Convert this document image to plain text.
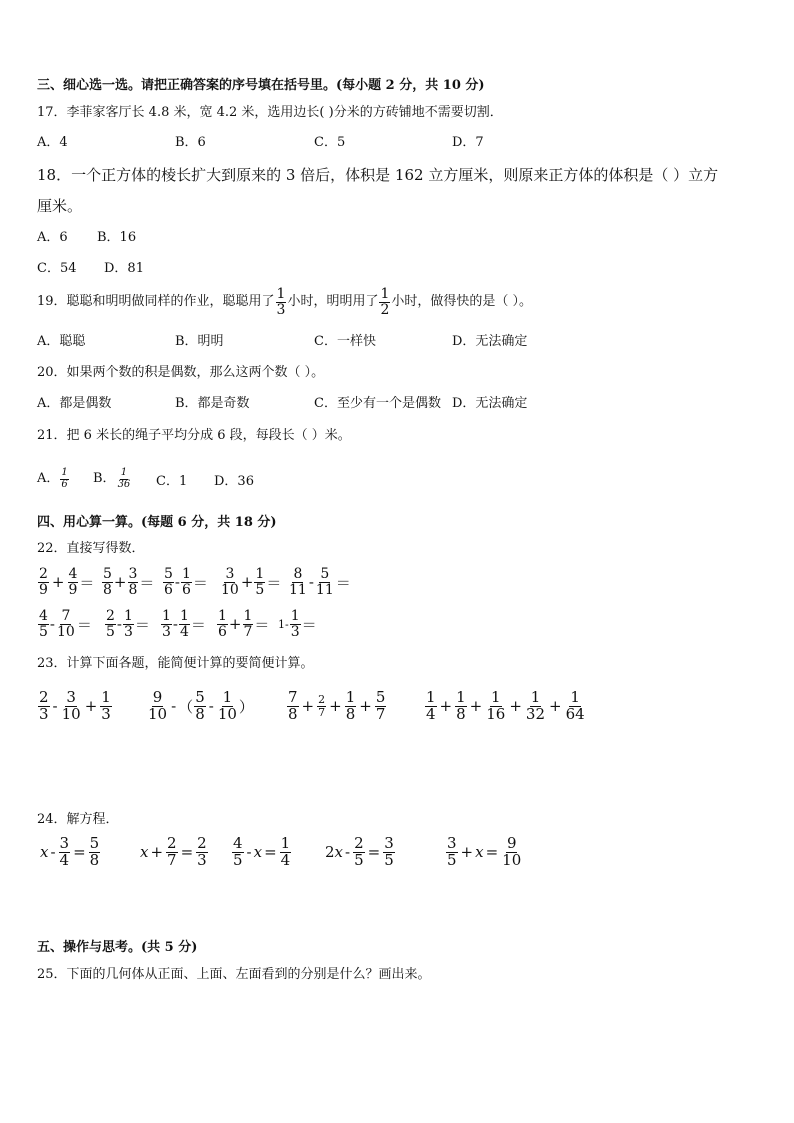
三、细心选一选。请把正确答案的序号填在括号里。(每小题 2 分，共 10 分)
17．李菲家客厅长 4.8 米，宽 4.2 米，选用边长( )分米的方砖铺地不需要切割．
A．4	B．6	C．5	D．7
18．一个正方体的棱长扩大到原来的 3 倍后，体积是 162 立方厘米，则原来正方体的体积是（ ）立方
厘米。
A．6 B．16
C．54 D．81
19．聪聪和明明做同样的作业，聪聪用了 $\frac{1}{3}$ 小时，明明用了 $\frac{1}{2}$ 小时，做得快的是（ ）。
A．聪聪	B．明明	C．一样快	D．无法确定
20．如果两个数的积是偶数，那么这两个数（ ）。
A．都是偶数	B．都是奇数	C．至少有一个是偶数 D．无法确定
21．把 6 米长的绳子平均分成 6 段，每段长（ ）米。
A． $\frac{1}{6}$ B． $\frac{1}{36}$ C．1 D．36
四、用心算一算。(每题 6 分，共 18 分)
22．直接写得数．
$\frac{2}{9} + \frac{4}{9} = \frac{5}{8} + \frac{3}{8} = \frac{5}{6} - \frac{1}{6} = \frac{3}{10} + \frac{1}{5} = \frac{8}{11} - \frac{5}{11}$ ＝
$\frac{4}{5} - \frac{7}{10} = \frac{2}{5} - \frac{1}{3} = \frac{1}{3} - \frac{1}{4} = \frac{1}{6} + \frac{1}{7} = 1 - \frac{1}{3}$ ＝
23．计算下面各题，能简便计算的要简便计算。
$\frac{2}{3} - \frac{3}{10} + \frac{1}{3} \frac{9}{10}$ - （ $\frac{5}{8} - \frac{1}{10}$ ） $\frac{7}{8} + \frac{2}{7} + \frac{1}{8} + \frac{5}{7}$	$\frac{1}{4} + \frac{1}{8} + \frac{1}{16} + \frac{1}{32} + \frac{1}{64}$
24．解方程．
$x - \frac{3}{4} = \frac{5}{8}$	$x + \frac{2}{7} = \frac{2}{3} \frac{4}{5} - x = \frac{1}{4} 2$ $x - \frac{2}{5} = \frac{3}{5}$	$\frac{3}{5} + x = \frac{9}{10}$
五、操作与思考。(共 5 分)
25．下面的几何体从正面、上面、左面看到的分别是什么？画出来。
